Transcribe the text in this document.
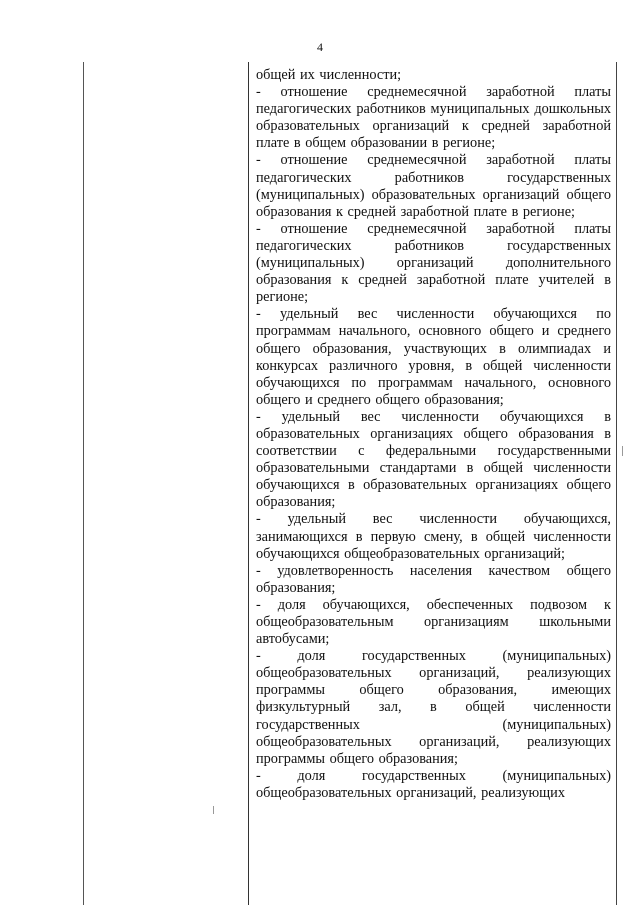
4

общей их численности;

- отношение среднемесячной заработной платы педагогических работников муниципальных дошкольных образовательных организаций к средней заработной плате в общем образовании в регионе;

- отношение среднемесячной заработной платы педагогических работников государственных (муниципальных) образовательных организаций общего образования к средней заработной плате в регионе;

- отношение среднемесячной заработной платы педагогических работников государственных (муниципальных) организаций дополнительного образования к средней заработной плате учителей в регионе;

- удельный вес численности обучающихся по программам начального, основного общего и среднего общего образования, участвующих в олимпиадах и конкурсах различного уровня, в общей численности обучающихся по программам начального, основного общего и среднего общего образования;

- удельный вес численности обучающихся в образовательных организациях общего образования в соответствии с федеральными государственными образовательными стандартами в общей численности обучающихся в образовательных организациях общего образования;

- удельный вес численности обучающихся, занимающихся в первую смену, в общей численности обучающихся общеобразовательных организаций;

- удовлетворенность населения качеством общего образования;

- доля обучающихся, обеспеченных подвозом к общеобразовательным организациям школьными автобусами;

- доля государственных (муниципальных) общеобразовательных организаций, реализующих программы общего образования, имеющих физкультурный зал, в общей численности государственных (муниципальных) общеобразовательных организаций, реализующих программы общего образования;

- доля государственных (муниципальных) общеобразовательных организаций, реализующих
